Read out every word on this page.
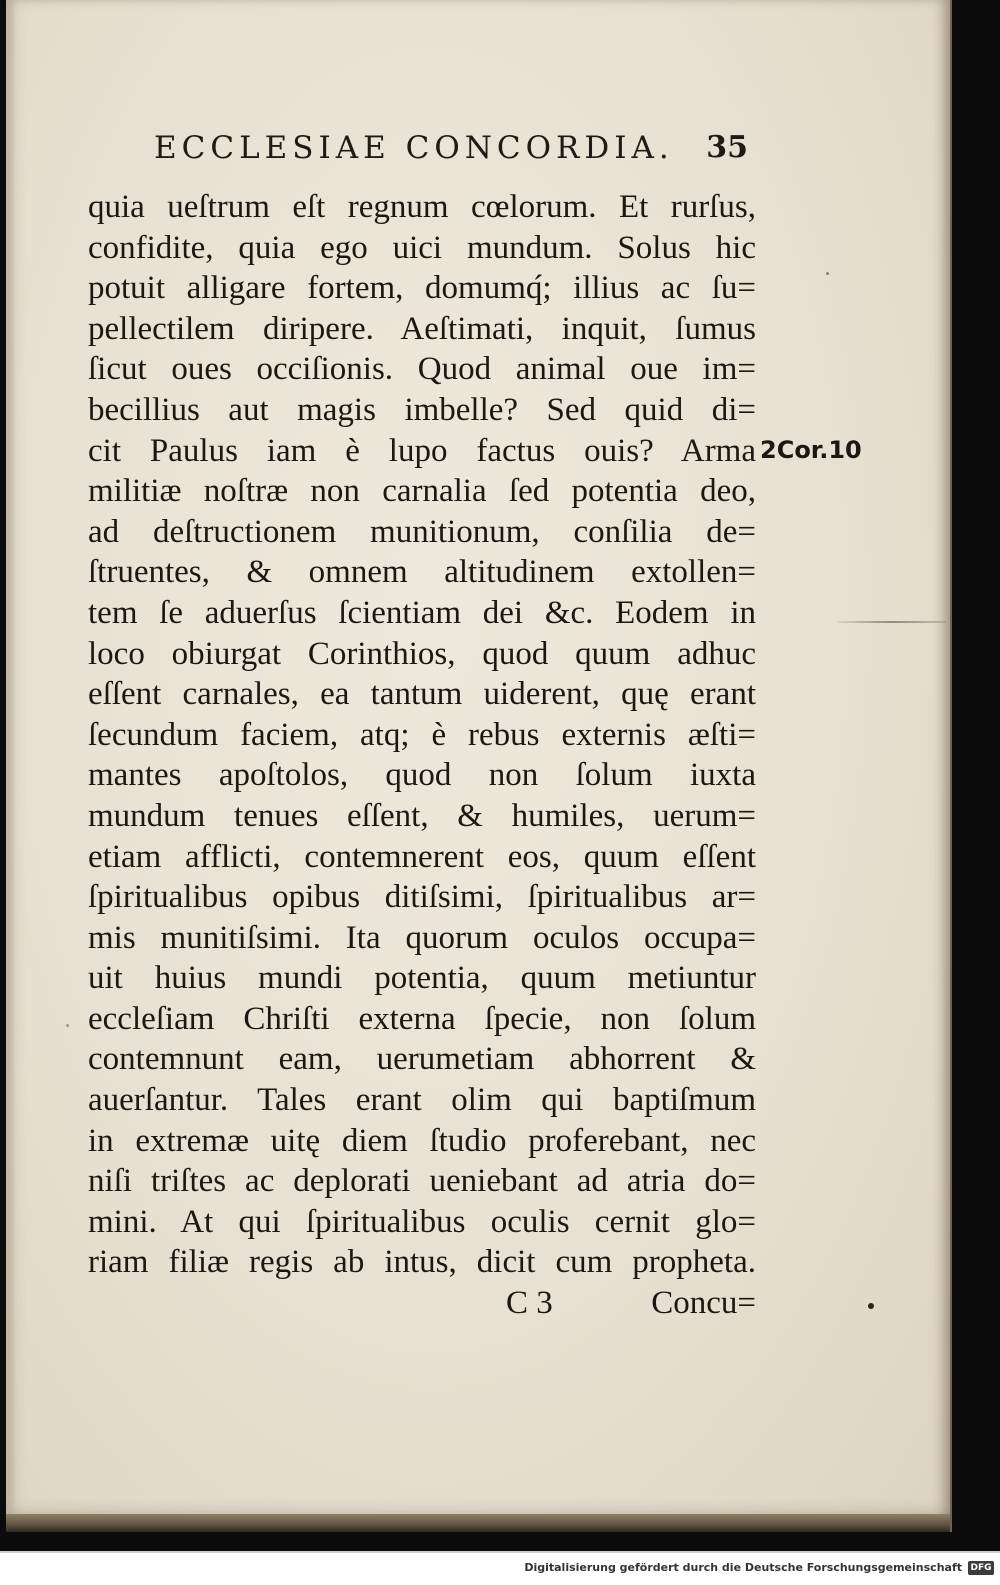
ECCLESIAE CONCORDIA. 35
quia ueſtrum eſt regnum cœlorum. Et rurſus,
confidite, quia ego uici mundum. Solus hic
potuit alligare fortem, domumq́; illius ac ſu=
pellectilem diripere. Aeſtimati, inquit, ſumus
ſicut oues occiſionis. Quod animal oue im=
becillius aut magis imbelle? Sed quid di=
cit Paulus iam è lupo factus ouis? Arma
militiæ noſtræ non carnalia ſed potentia deo,
ad deſtructionem munitionum, conſilia de=
ſtruentes, & omnem altitudinem extollen=
tem ſe aduerſus ſcientiam dei &c. Eodem in
loco obiurgat Corinthios, quod quum adhuc
eſſent carnales, ea tantum uiderent, quę erant
ſecundum faciem, atq; è rebus externis æſti=
mantes apoſtolos, quod non ſolum iuxta
mundum tenues eſſent, & humiles, uerum=
etiam afflicti, contemnerent eos, quum eſſent
ſpiritualibus opibus ditiſsimi, ſpiritualibus ar=
mis munitiſsimi. Ita quorum oculos occupa=
uit huius mundi potentia, quum metiuntur
eccleſiam Chriſti externa ſpecie, non ſolum
contemnunt eam, uerumetiam abhorrent &
auerſantur. Tales erant olim qui baptiſmum
in extremæ uitę diem ſtudio proferebant, nec
niſi triſtes ac deplorati ueniebant ad atria do=
mini. At qui ſpiritualibus oculis cernit glo=
riam filiæ regis ab intus, dicit cum propheta.
2Cor.10
C 3	Concu=
Digitalisierung gefördert durch die Deutsche Forschungsgemeinschaft DFG
